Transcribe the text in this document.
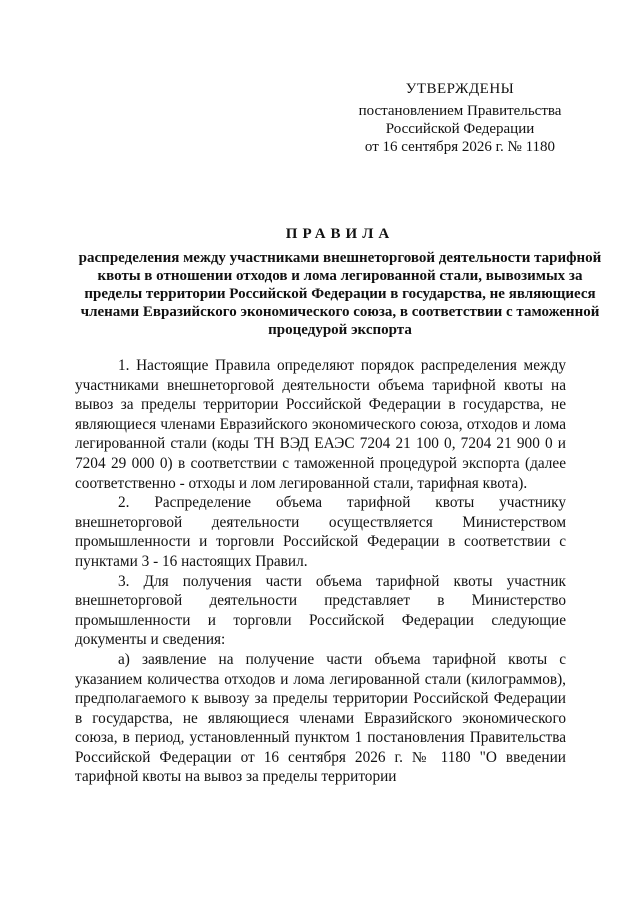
УТВЕРЖДЕНЫ
постановлением Правительства
Российской Федерации
от 16 сентября 2026 г. № 1180
ПРАВИЛА
распределения между участниками внешнеторговой деятельности тарифной квоты в отношении отходов и лома легированной стали, вывозимых за пределы территории Российской Федерации в государства, не являющиеся членами Евразийского экономического союза, в соответствии с таможенной процедурой экспорта

1. Настоящие Правила определяют порядок распределения между участниками внешнеторговой деятельности объема тарифной квоты на вывоз за пределы территории Российской Федерации в государства, не являющиеся членами Евразийского экономического союза, отходов и лома легированной стали (коды ТН ВЭД ЕАЭС 7204 21 100 0, 7204 21 900 0 и 7204 29 000 0) в соответствии с таможенной процедурой экспорта (далее соответственно - отходы и лом легированной стали, тарифная квота).

2. Распределение объема тарифной квоты участнику внешнеторговой деятельности осуществляется Министерством промышленности и торговли Российской Федерации в соответствии с пунктами 3 - 16 настоящих Правил.

3. Для получения части объема тарифной квоты участник внешнеторговой деятельности представляет в Министерство промышленности и торговли Российской Федерации следующие документы и сведения:

а) заявление на получение части объема тарифной квоты с указанием количества отходов и лома легированной стали (килограммов), предполагаемого к вывозу за пределы территории Российской Федерации в государства, не являющиеся членами Евразийского экономического союза, в период, установленный пунктом 1 постановления Правительства Российской Федерации от 16 сентября 2026 г. № 1180 "О введении тарифной квоты на вывоз за пределы территории
